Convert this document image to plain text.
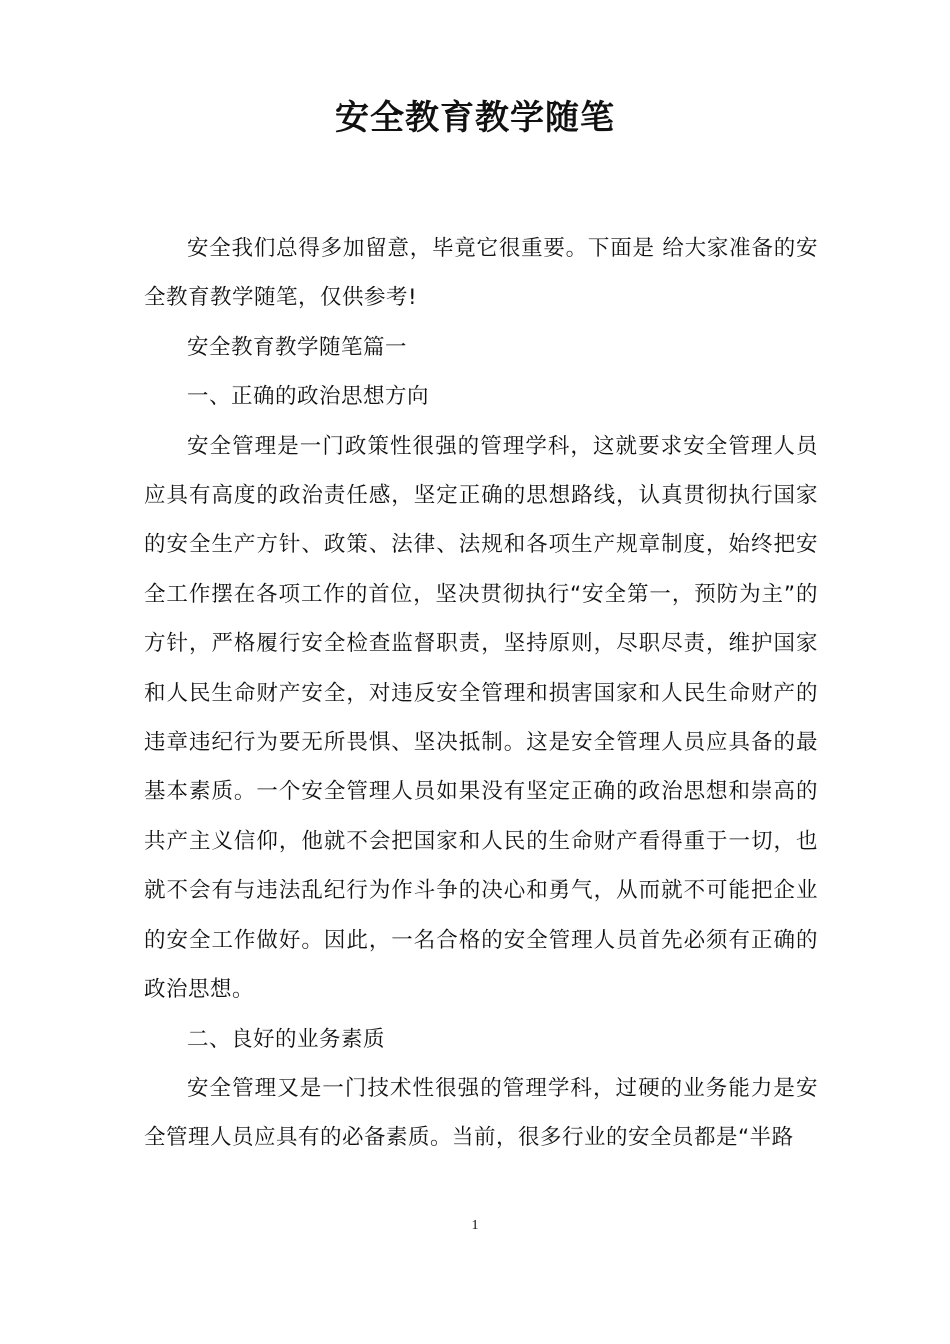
安全教育教学随笔

安全我们总得多加留意，毕竟它很重要。下面是 给大家准备的安全教育教学随笔，仅供参考!

安全教育教学随笔篇一

一、正确的政治思想方向

安全管理是一门政策性很强的管理学科，这就要求安全管理人员应具有高度的政治责任感，坚定正确的思想路线，认真贯彻执行国家的安全生产方针、政策、法律、法规和各项生产规章制度，始终把安全工作摆在各项工作的首位，坚决贯彻执行“安全第一，预防为主”的方针，严格履行安全检查监督职责，坚持原则，尽职尽责，维护国家和人民生命财产安全，对违反安全管理和损害国家和人民生命财产的违章违纪行为要无所畏惧、坚决抵制。这是安全管理人员应具备的最基本素质。一个安全管理人员如果没有坚定正确的政治思想和崇高的共产主义信仰，他就不会把国家和人民的生命财产看得重于一切，也就不会有与违法乱纪行为作斗争的决心和勇气，从而就不可能把企业的安全工作做好。因此，一名合格的安全管理人员首先必须有正确的政治思想。

二、良好的业务素质

安全管理又是一门技术性很强的管理学科，过硬的业务能力是安全管理人员应具有的必备素质。当前，很多行业的安全员都是“半路

1
